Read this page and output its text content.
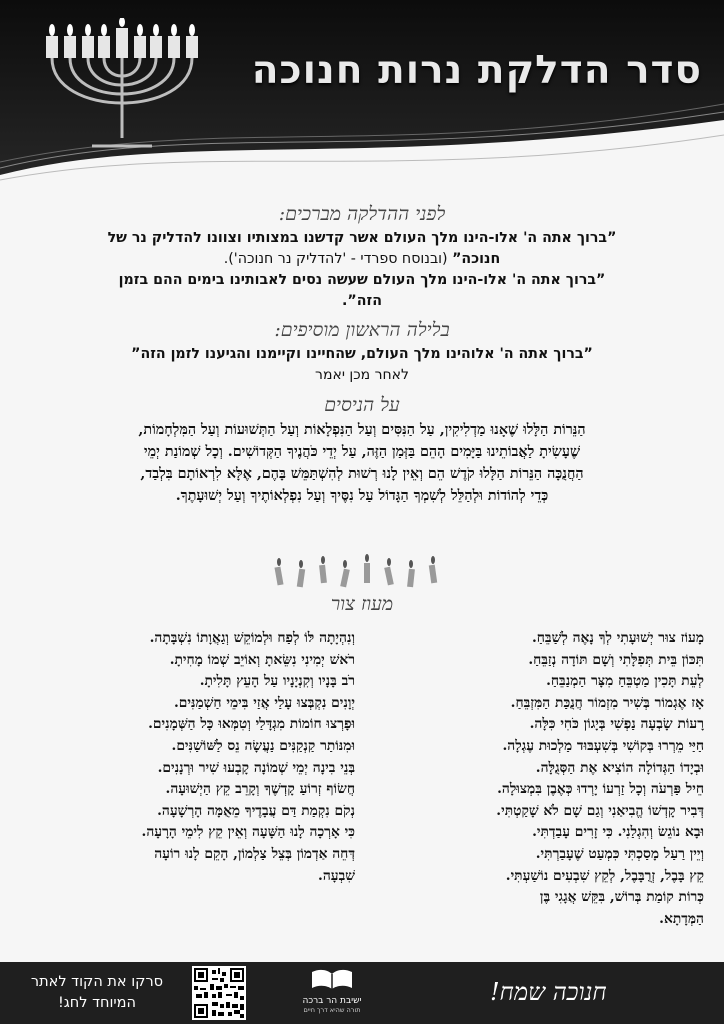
סדר הדלקת נרות חנוכה

לפני ההדלקה מברכים:

”ברוך אתה ה' אלו-הינו מלך העולם אשר קדשנו במצותיו וצוונו להדליק נר של

חנוכה” (ובנוסח ספרדי - 'להדליק נר חנוכה').

”ברוך אתה ה' אלו-הינו מלך העולם שעשה נסים לאבותינו בימים ההם בזמן

הזה”.

בלילה הראשון מוסיפים:

”ברוך אתה ה' אלוהינו מלך העולם, שהחיינו וקיימנו והגיענו לזמן הזה”

לאחר מכן יאמר

על הניסים

הַנֵּרוֹת הַלָּלוּ שֶׁאָנוּ מַדְלִיקִין, עַל הַנִּסִּים וְעַל הַנִּפְלָאוֹת וְעַל הַתְּשׁוּעוֹת וְעַל הַמִּלְחָמוֹת,

שֶׁעָשִׂיתָ לַאֲבוֹתֵינוּ בַּיָּמִים הָהֵם בַּזְּמַן הַזֶּה, עַל יְדֵי כֹּהֲנֶיךָ הַקְּדוֹשִׁים. וְכָל שְׁמוֹנַת יְמֵי

הַחֲנֻכָּה הַנֵּרוֹת הַלָּלוּ קֹדֶשׁ הֵם וְאֵין לָנוּ רְשׁוּת לְהִשְׁתַּמֵּשׁ בָּהֶם, אֶלָּא לִרְאוֹתָם בִּלְבַד,

כְּדֵי לְהוֹדוֹת וּלְהַלֵּל לְשִׁמְךָ הַגָּדוֹל עַל נִסֶּיךָ וְעַל נִפְלְאוֹתֶיךָ וְעַל יְשׁוּעָתֶךָ.

מעוז צור

מָעוֹז צוּר יְשׁוּעָתִי לְךָ נָאֶה לְשַׁבֵּחַ.
תִּכּוֹן בֵּית תְּפִלָּתִי וְשָׁם תּוֹדָה נְזַבֵּחַ.
לְעֵת תָּכִין מַטְבֵּחַ מִצָּר הַמְנַבֵּחַ.
אָז אֶגְמוֹר בְּשִׁיר מִזְמוֹר חֲנֻכַּת הַמִּזְבֵּחַ.
רָעוֹת שָׂבְעָה נַפְשִׁי בְּיָגוֹן כֹּחִי כִּלָּה.
חַיַּי מֵרְרוּ בְּקוֹשִׁי בְּשִׁעְבּוּד מַלְכוּת עֶגְלָה.
וּבְיָדוֹ הַגְּדוֹלָה הוֹצִיא אֶת הַסְּגֻלָּה.
חֵיל פַּרְעֹה וְכָל זַרְעוֹ יָרְדוּ כְּאֶבֶן בִּמְצוּלָה.
דְּבִיר קָדְשׁוֹ הֱבִיאַנִי וְגַם שָׁם לֹא שָׁקַטְתִּי.
וּבָא נוֹגֵשׂ וְהִגְלַנִי. כִּי זָרִים עָבַדְתִּי.
וְיֵין רַעַל מָסַכְתִּי כִּמְעַט שֶׁעָבַרְתִּי.
קֵץ בָּבֶל, זְרֻבָּבֶל, לְקֵץ שִׁבְעִים נוֹשַׁעְתִּי.
כְּרוֹת קוֹמַת בְּרוֹשׁ, בִּקֵּשׁ אֲגָגִי בֶּן
הַמְּדָתָא.
וְנִהְיָתָה לּוֹ לְפַח וּלְמוֹקֵשׁ וְגַאֲוָתוֹ נִשְׁבָּתָה.
רֹאשׁ יְמִינִי נִשֵּׂאתָ וְאוֹיֵב שְׁמוֹ מָחִיתָ.
רֹב בָּנָיו וְקִנְיָנָיו עַל הָעֵץ תָּלִיתָ.
יְוָנִים נִקְבְּצוּ עָלַי אֲזַי בִּימֵי חַשְׁמַנִּים.
וּפָרְצוּ חוֹמוֹת מִגְדָּלַי וְטִמְּאוּ כָּל הַשְּׁמָנִים.
וּמִנּוֹתַר קַנְקַנִּים נַעֲשָׂה נֵס לַשּׁוֹשַׁנִּים.
בְּנֵי בִינָה יְמֵי שְׁמוֹנָה קָבְעוּ שִׁיר וּרְנָנִים.
חֲשׂוֹף זְרוֹעַ קָדְשֶׁךָ וְקָרֵב קֵץ הַיְשׁוּעָה.
נְקֹם נִקְמַת דַּם עֲבָדֶיךָ מֵאֻמָּה הָרְשָׁעָה.
כִּי אָרְכָה לָנוּ הַשָּׁעָה וְאֵין קֵץ לִימֵי הָרָעָה.
דְּחֵה אַדְמוֹן בְּצֵל צַלְמוֹן, הָקֵם לָנוּ רוֹעָה
שִׁבְעָה.
חנוכה שמח!
ישיבת הר ברכה
תורה שהיא דרך חיים
סרקו את הקוד לאתר
המיוחד לחג!
